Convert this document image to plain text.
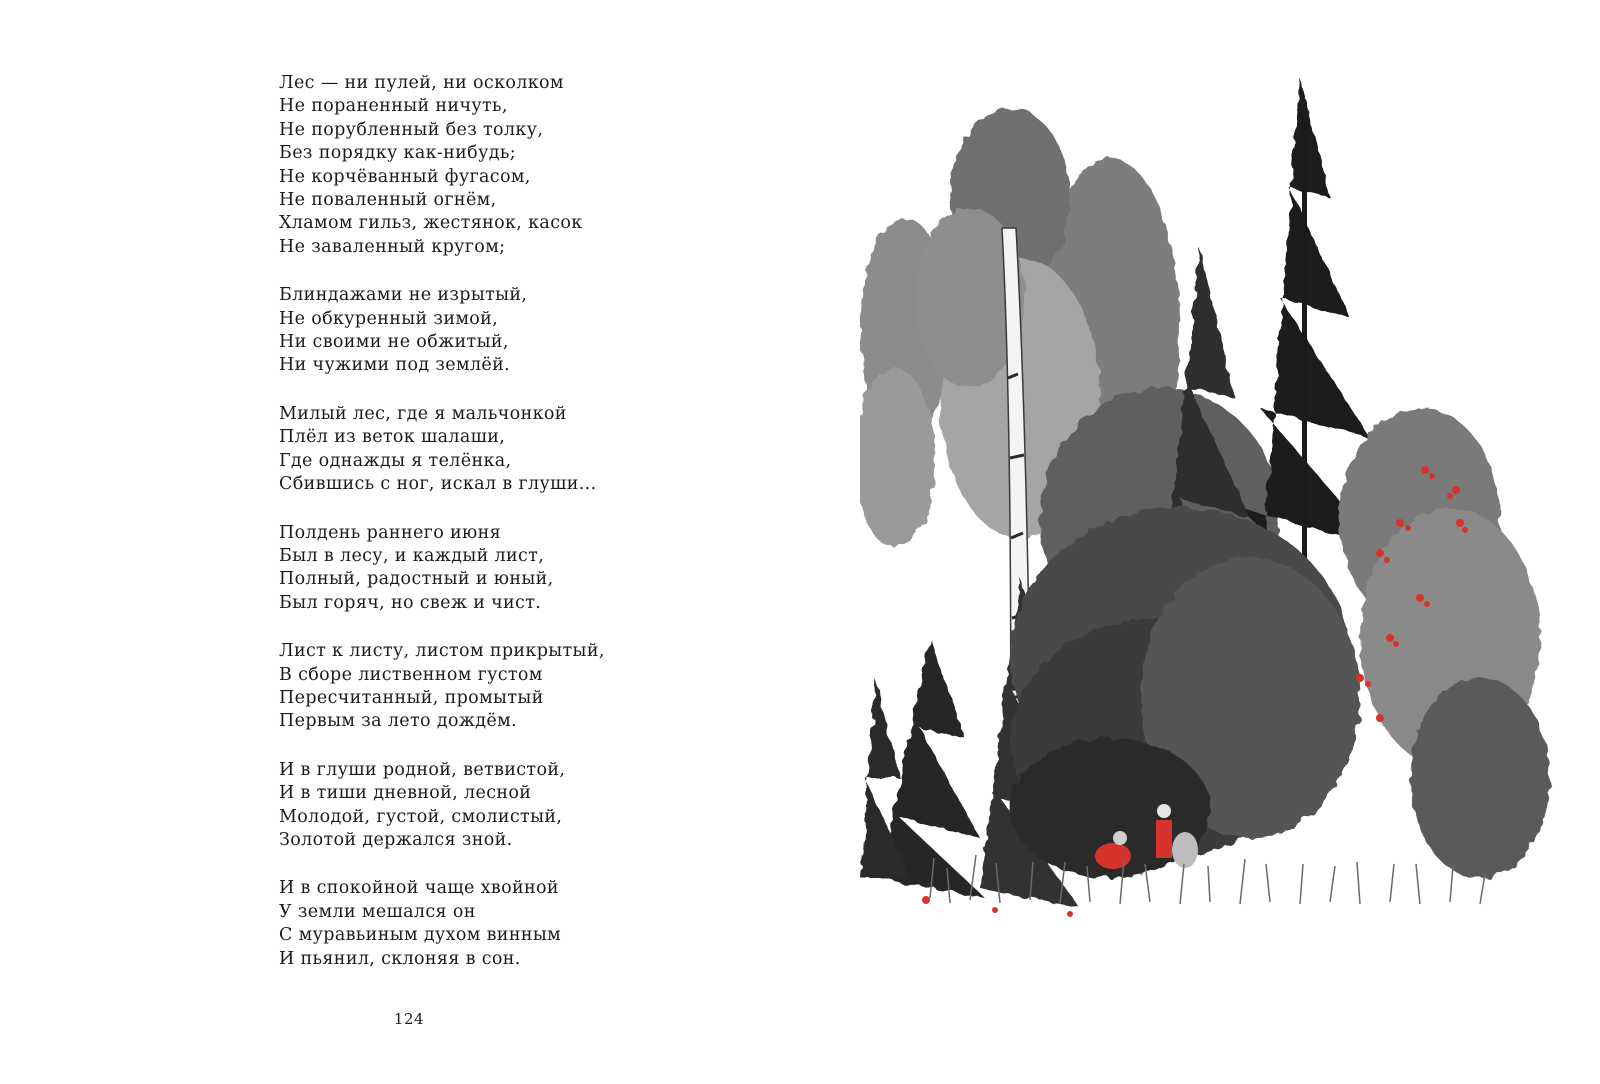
Лес — ни пулей, ни осколком
Не пораненный ничуть,
Не порубленный без толку,
Без порядку как-нибудь;
Не корчёванный фугасом,
Не поваленный огнём,
Хламом гильз, жестянок, касок
Не заваленный кругом;
Блиндажами не изрытый,
Не обкуренный зимой,
Ни своими не обжитый,
Ни чужими под землёй.
Милый лес, где я мальчонкой
Плёл из веток шалаши,
Где однажды я телёнка,
Сбившись с ног, искал в глуши...
Полдень раннего июня
Был в лесу, и каждый лист,
Полный, радостный и юный,
Был горяч, но свеж и чист.
Лист к листу, листом прикрытый,
В сборе лиственном густом
Пересчитанный, промытый
Первым за лето дождём.
И в глуши родной, ветвистой,
И в тиши дневной, лесной
Молодой, густой, смолистый,
Золотой держался зной.
И в спокойной чаще хвойной
У земли мешался он
С муравьиным духом винным
И пьянил, склоняя в сон.
124
